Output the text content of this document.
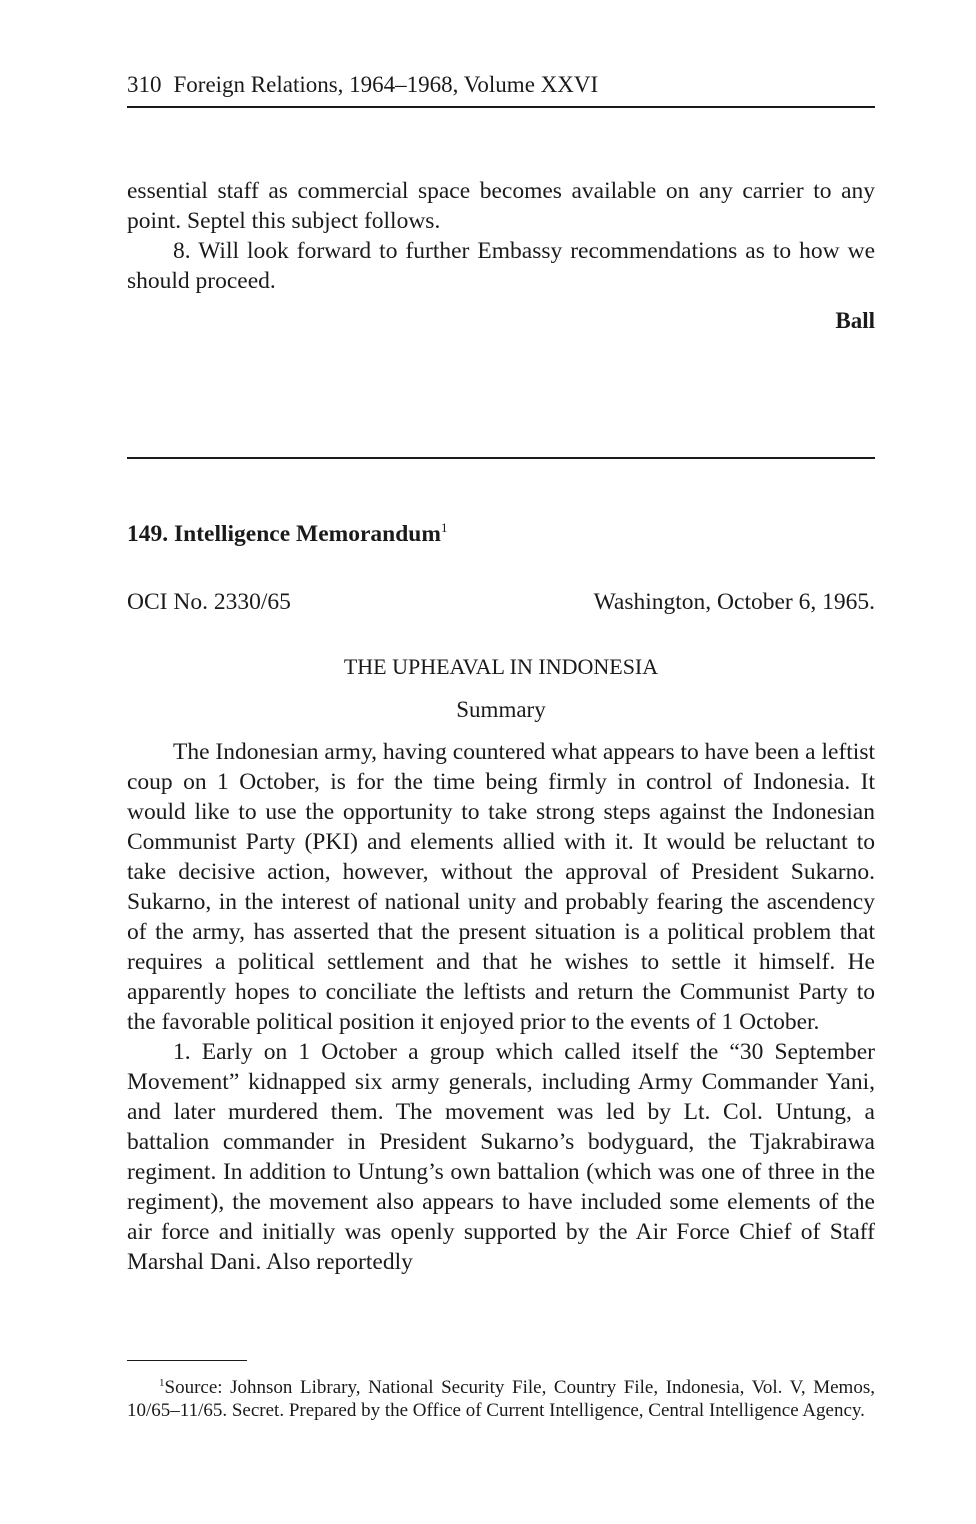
310 Foreign Relations, 1964–1968, Volume XXVI

essential staff as commercial space becomes available on any carrier to any point. Septel this subject follows.

8. Will look forward to further Embassy recommendations as to how we should proceed.

Ball
149. Intelligence Memorandum$^1$
OCI No. 2330/65	Washington, October 6, 1965.
THE UPHEAVAL IN INDONESIA
Summary

The Indonesian army, having countered what appears to have been a leftist coup on 1 October, is for the time being firmly in control of Indonesia. It would like to use the opportunity to take strong steps against the Indonesian Communist Party (PKI) and elements allied with it. It would be reluctant to take decisive action, however, without the approval of President Sukarno. Sukarno, in the interest of national unity and probably fearing the ascendency of the army, has asserted that the present situation is a political problem that requires a political settlement and that he wishes to settle it himself. He apparently hopes to conciliate the leftists and return the Communist Party to the favorable political position it enjoyed prior to the events of 1 October.

1. Early on 1 October a group which called itself the “30 September Movement” kidnapped six army generals, including Army Commander Yani, and later murdered them. The movement was led by Lt. Col. Untung, a battalion commander in President Sukarno’s bodyguard, the Tjakrabirawa regiment. In addition to Untung’s own battalion (which was one of three in the regiment), the movement also appears to have included some elements of the air force and initially was openly supported by the Air Force Chief of Staff Marshal Dani. Also reportedly

$^1$Source: Johnson Library, National Security File, Country File, Indonesia, Vol. V, Memos, 10/65–11/65. Secret. Prepared by the Office of Current Intelligence, Central Intelligence Agency.
